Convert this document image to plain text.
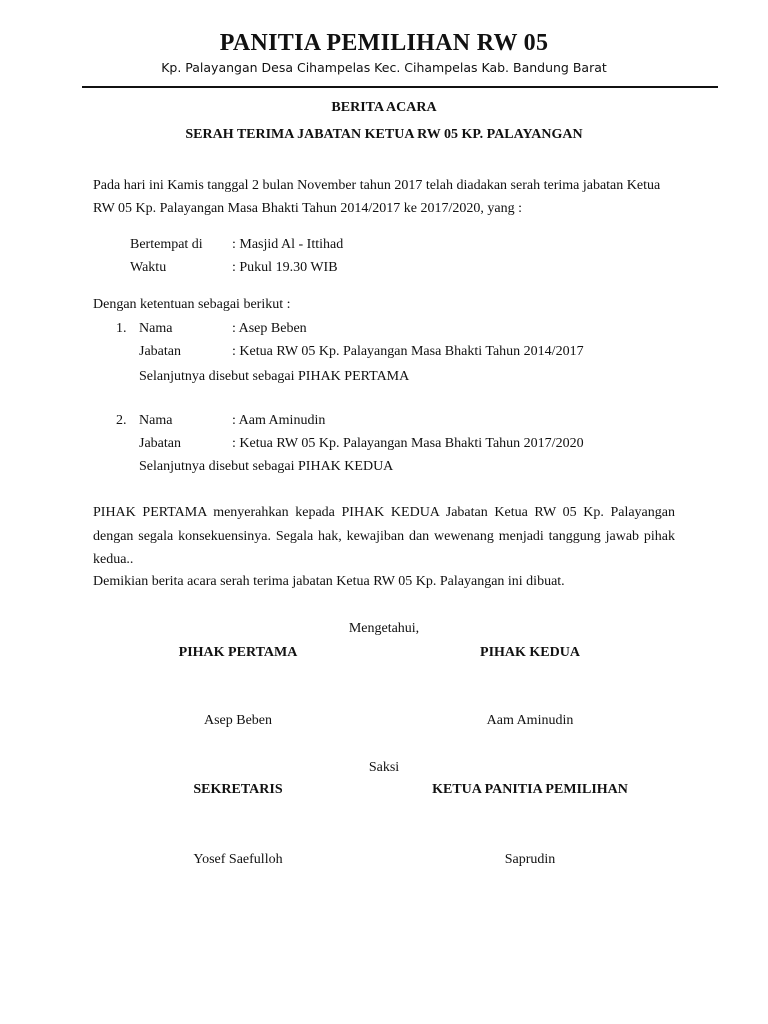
PANITIA PEMILIHAN RW 05
Kp. Palayangan Desa Cihampelas Kec. Cihampelas Kab. Bandung Barat
BERITA ACARA
SERAH TERIMA JABATAN KETUA RW 05 KP. PALAYANGAN
Pada hari ini Kamis tanggal 2 bulan November tahun 2017 telah diadakan serah terima jabatan Ketua
RW 05 Kp. Palayangan Masa Bhakti Tahun 2014/2017 ke 2017/2020, yang :
Bertempat di : Masjid Al - Ittihad
Waktu	: Pukul 19.30 WIB
Dengan ketentuan sebagai berikut :
1. Nama	: Asep Beben
Jabatan	: Ketua RW 05 Kp. Palayangan Masa Bhakti Tahun 2014/2017
Selanjutnya disebut sebagai PIHAK PERTAMA
2. Nama	: Aam Aminudin
Jabatan	: Ketua RW 05 Kp. Palayangan Masa Bhakti Tahun 2017/2020
Selanjutnya disebut sebagai PIHAK KEDUA
PIHAK PERTAMA menyerahkan kepada PIHAK KEDUA Jabatan Ketua RW 05 Kp. Palayangan dengan segala konsekuensinya. Segala hak, kewajiban dan wewenang menjadi tanggung jawab pihak kedua..
Demikian berita acara serah terima jabatan Ketua RW 05 Kp. Palayangan ini dibuat.
Mengetahui,
PIHAK PERTAMA	PIHAK KEDUA
Asep Beben	Aam Aminudin
Saksi
SEKRETARIS	KETUA PANITIA PEMILIHAN
Yosef Saefulloh	Saprudin
